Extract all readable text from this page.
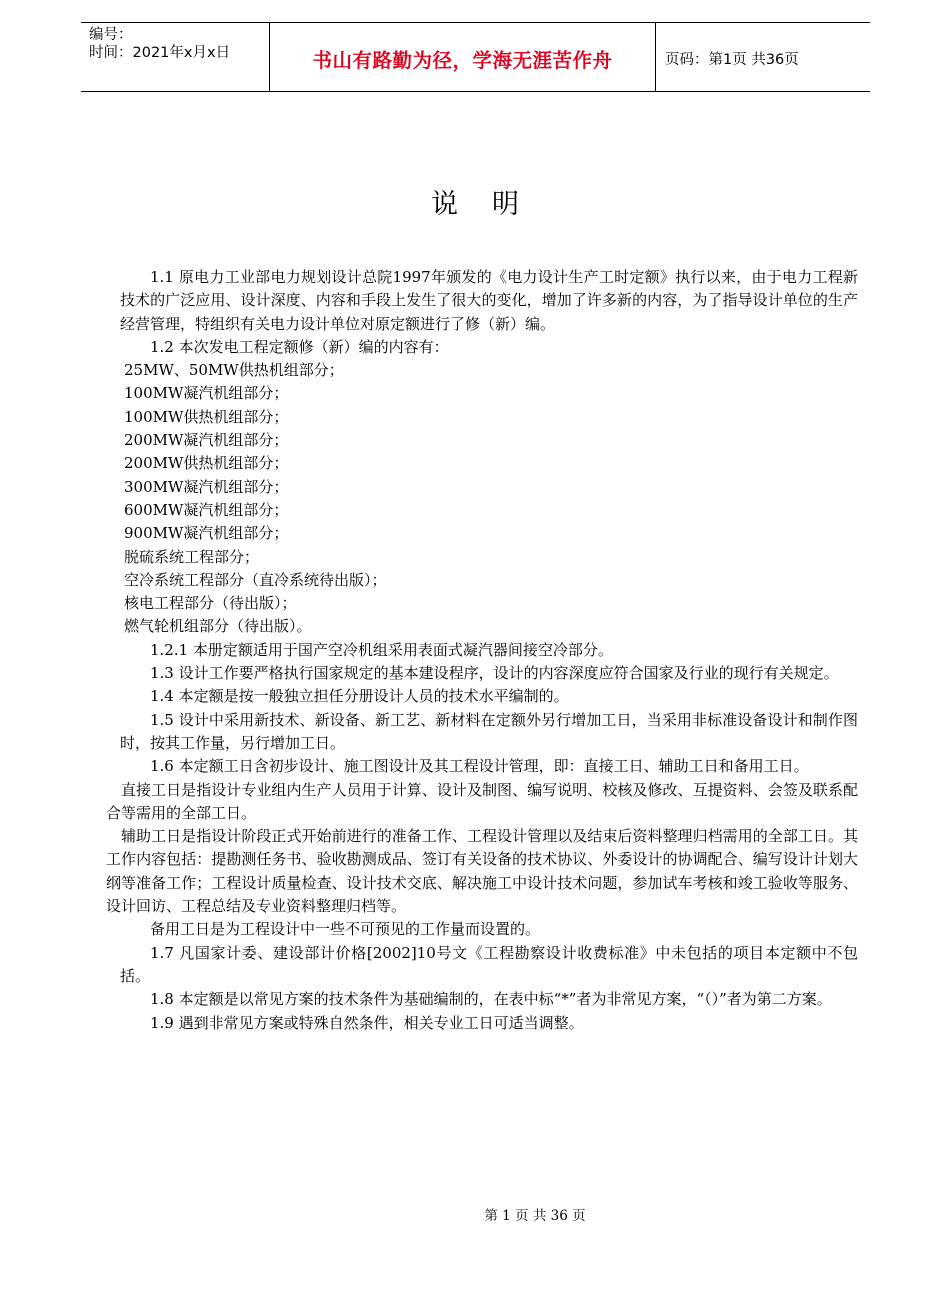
编号：
时间：2021年x月x日	书山有路勤为径，学海无涯苦作舟	页码：第1页 共36页
说明

1.1 原电力工业部电力规划设计总院1997年颁发的《电力设计生产工时定额》执行以来，由于电力工程新技术的广泛应用、设计深度、内容和手段上发生了很大的变化，增加了许多新的内容，为了指导设计单位的生产经营管理，特组织有关电力设计单位对原定额进行了修（新）编。

1.2 本次发电工程定额修（新）编的内容有：

25MW、50MW供热机组部分；

100MW凝汽机组部分；

100MW供热机组部分；

200MW凝汽机组部分；

200MW供热机组部分；

300MW凝汽机组部分；

600MW凝汽机组部分；

900MW凝汽机组部分；

脱硫系统工程部分；

空冷系统工程部分（直冷系统待出版）；

核电工程部分（待出版）；

燃气轮机组部分（待出版）。

1.2.1 本册定额适用于国产空冷机组采用表面式凝汽器间接空冷部分。

1.3 设计工作要严格执行国家规定的基本建设程序，设计的内容深度应符合国家及行业的现行有关规定。

1.4 本定额是按一般独立担任分册设计人员的技术水平编制的。

1.5 设计中采用新技术、新设备、新工艺、新材料在定额外另行增加工日，当采用非标准设备设计和制作图时，按其工作量，另行增加工日。

1.6 本定额工日含初步设计、施工图设计及其工程设计管理，即：直接工日、辅助工日和备用工日。

直接工日是指设计专业组内生产人员用于计算、设计及制图、编写说明、校核及修改、互提资料、会签及联系配合等需用的全部工日。

辅助工日是指设计阶段正式开始前进行的准备工作、工程设计管理以及结束后资料整理归档需用的全部工日。其工作内容包括：提勘测任务书、验收勘测成品、签订有关设备的技术协议、外委设计的协调配合、编写设计计划大纲等准备工作；工程设计质量检查、设计技术交底、解决施工中设计技术问题，参加试车考核和竣工验收等服务、设计回访、工程总结及专业资料整理归档等。

备用工日是为工程设计中一些不可预见的工作量而设置的。

1.7 凡国家计委、建设部计价格[2002]10号文《工程勘察设计收费标准》中未包括的项目本定额中不包括。

1.8 本定额是以常见方案的技术条件为基础编制的，在表中标“*”者为非常见方案，“（）”者为第二方案。

1.9 遇到非常见方案或特殊自然条件，相关专业工日可适当调整。

第 1 页 共 36 页
